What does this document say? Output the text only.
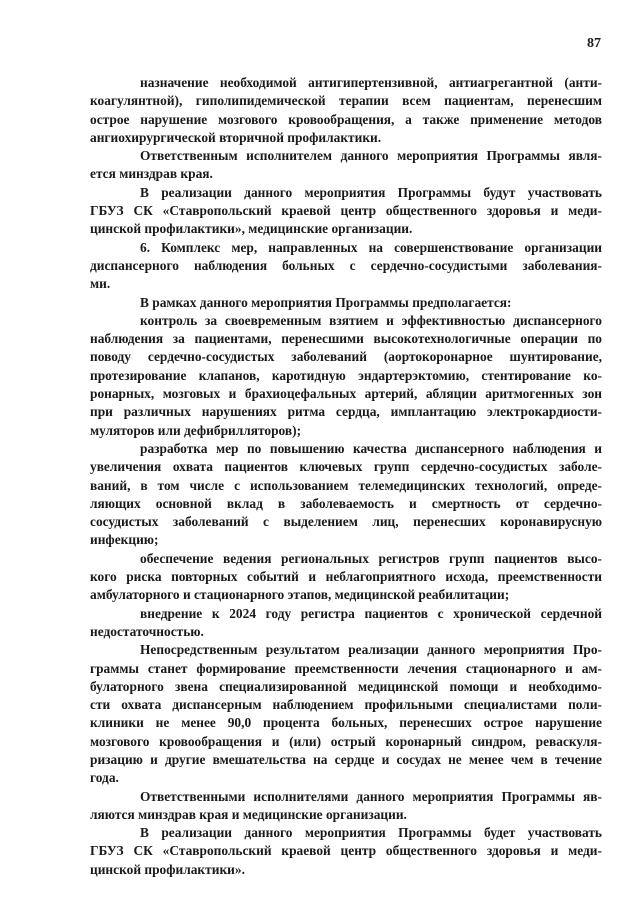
87
назначение необходимой антигипертензивной, антиагрегантной (анти-
коагулянтной), гиполипидемической терапии всем пациентам, перенесшим
острое нарушение мозгового кровообращения, а также применение методов
ангиохирургической вторичной профилактики.
Ответственным исполнителем данного мероприятия Программы явля-
ется минздрав края.
В реализации данного мероприятия Программы будут участвовать
ГБУЗ СК «Ставропольский краевой центр общественного здоровья и меди-
цинской профилактики», медицинские организации.
6. Комплекс мер, направленных на совершенствование организации
диспансерного наблюдения больных с сердечно-сосудистыми заболевания-
ми.
В рамках данного мероприятия Программы предполагается:
контроль за своевременным взятием и эффективностью диспансерного
наблюдения за пациентами, перенесшими высокотехнологичные операции по
поводу сердечно-сосудистых заболеваний (аортокоронарное шунтирование,
протезирование клапанов, каротидную эндартерэктомию, стентирование ко-
ронарных, мозговых и брахиоцефальных артерий, абляции аритмогенных зон
при различных нарушениях ритма сердца, имплантацию электрокардиости-
муляторов или дефибрилляторов);
разработка мер по повышению качества диспансерного наблюдения и
увеличения охвата пациентов ключевых групп сердечно-сосудистых заболе-
ваний, в том числе с использованием телемедицинских технологий, опреде-
ляющих основной вклад в заболеваемость и смертность от сердечно-
сосудистых заболеваний с выделением лиц, перенесших коронавирусную
инфекцию;
обеспечение ведения региональных регистров групп пациентов высо-
кого риска повторных событий и неблагоприятного исхода, преемственности
амбулаторного и стационарного этапов, медицинской реабилитации;
внедрение к 2024 году регистра пациентов с хронической сердечной
недостаточностью.
Непосредственным результатом реализации данного мероприятия Про-
граммы станет формирование преемственности лечения стационарного и ам-
булаторного звена специализированной медицинской помощи и необходимо-
сти охвата диспансерным наблюдением профильными специалистами поли-
клиники не менее 90,0 процента больных, перенесших острое нарушение
мозгового кровообращения и (или) острый коронарный синдром, реваскуля-
ризацию и другие вмешательства на сердце и сосудах не менее чем в течение
года.
Ответственными исполнителями данного мероприятия Программы яв-
ляются минздрав края и медицинские организации.
В реализации данного мероприятия Программы будет участвовать
ГБУЗ СК «Ставропольский краевой центр общественного здоровья и меди-
цинской профилактики».
